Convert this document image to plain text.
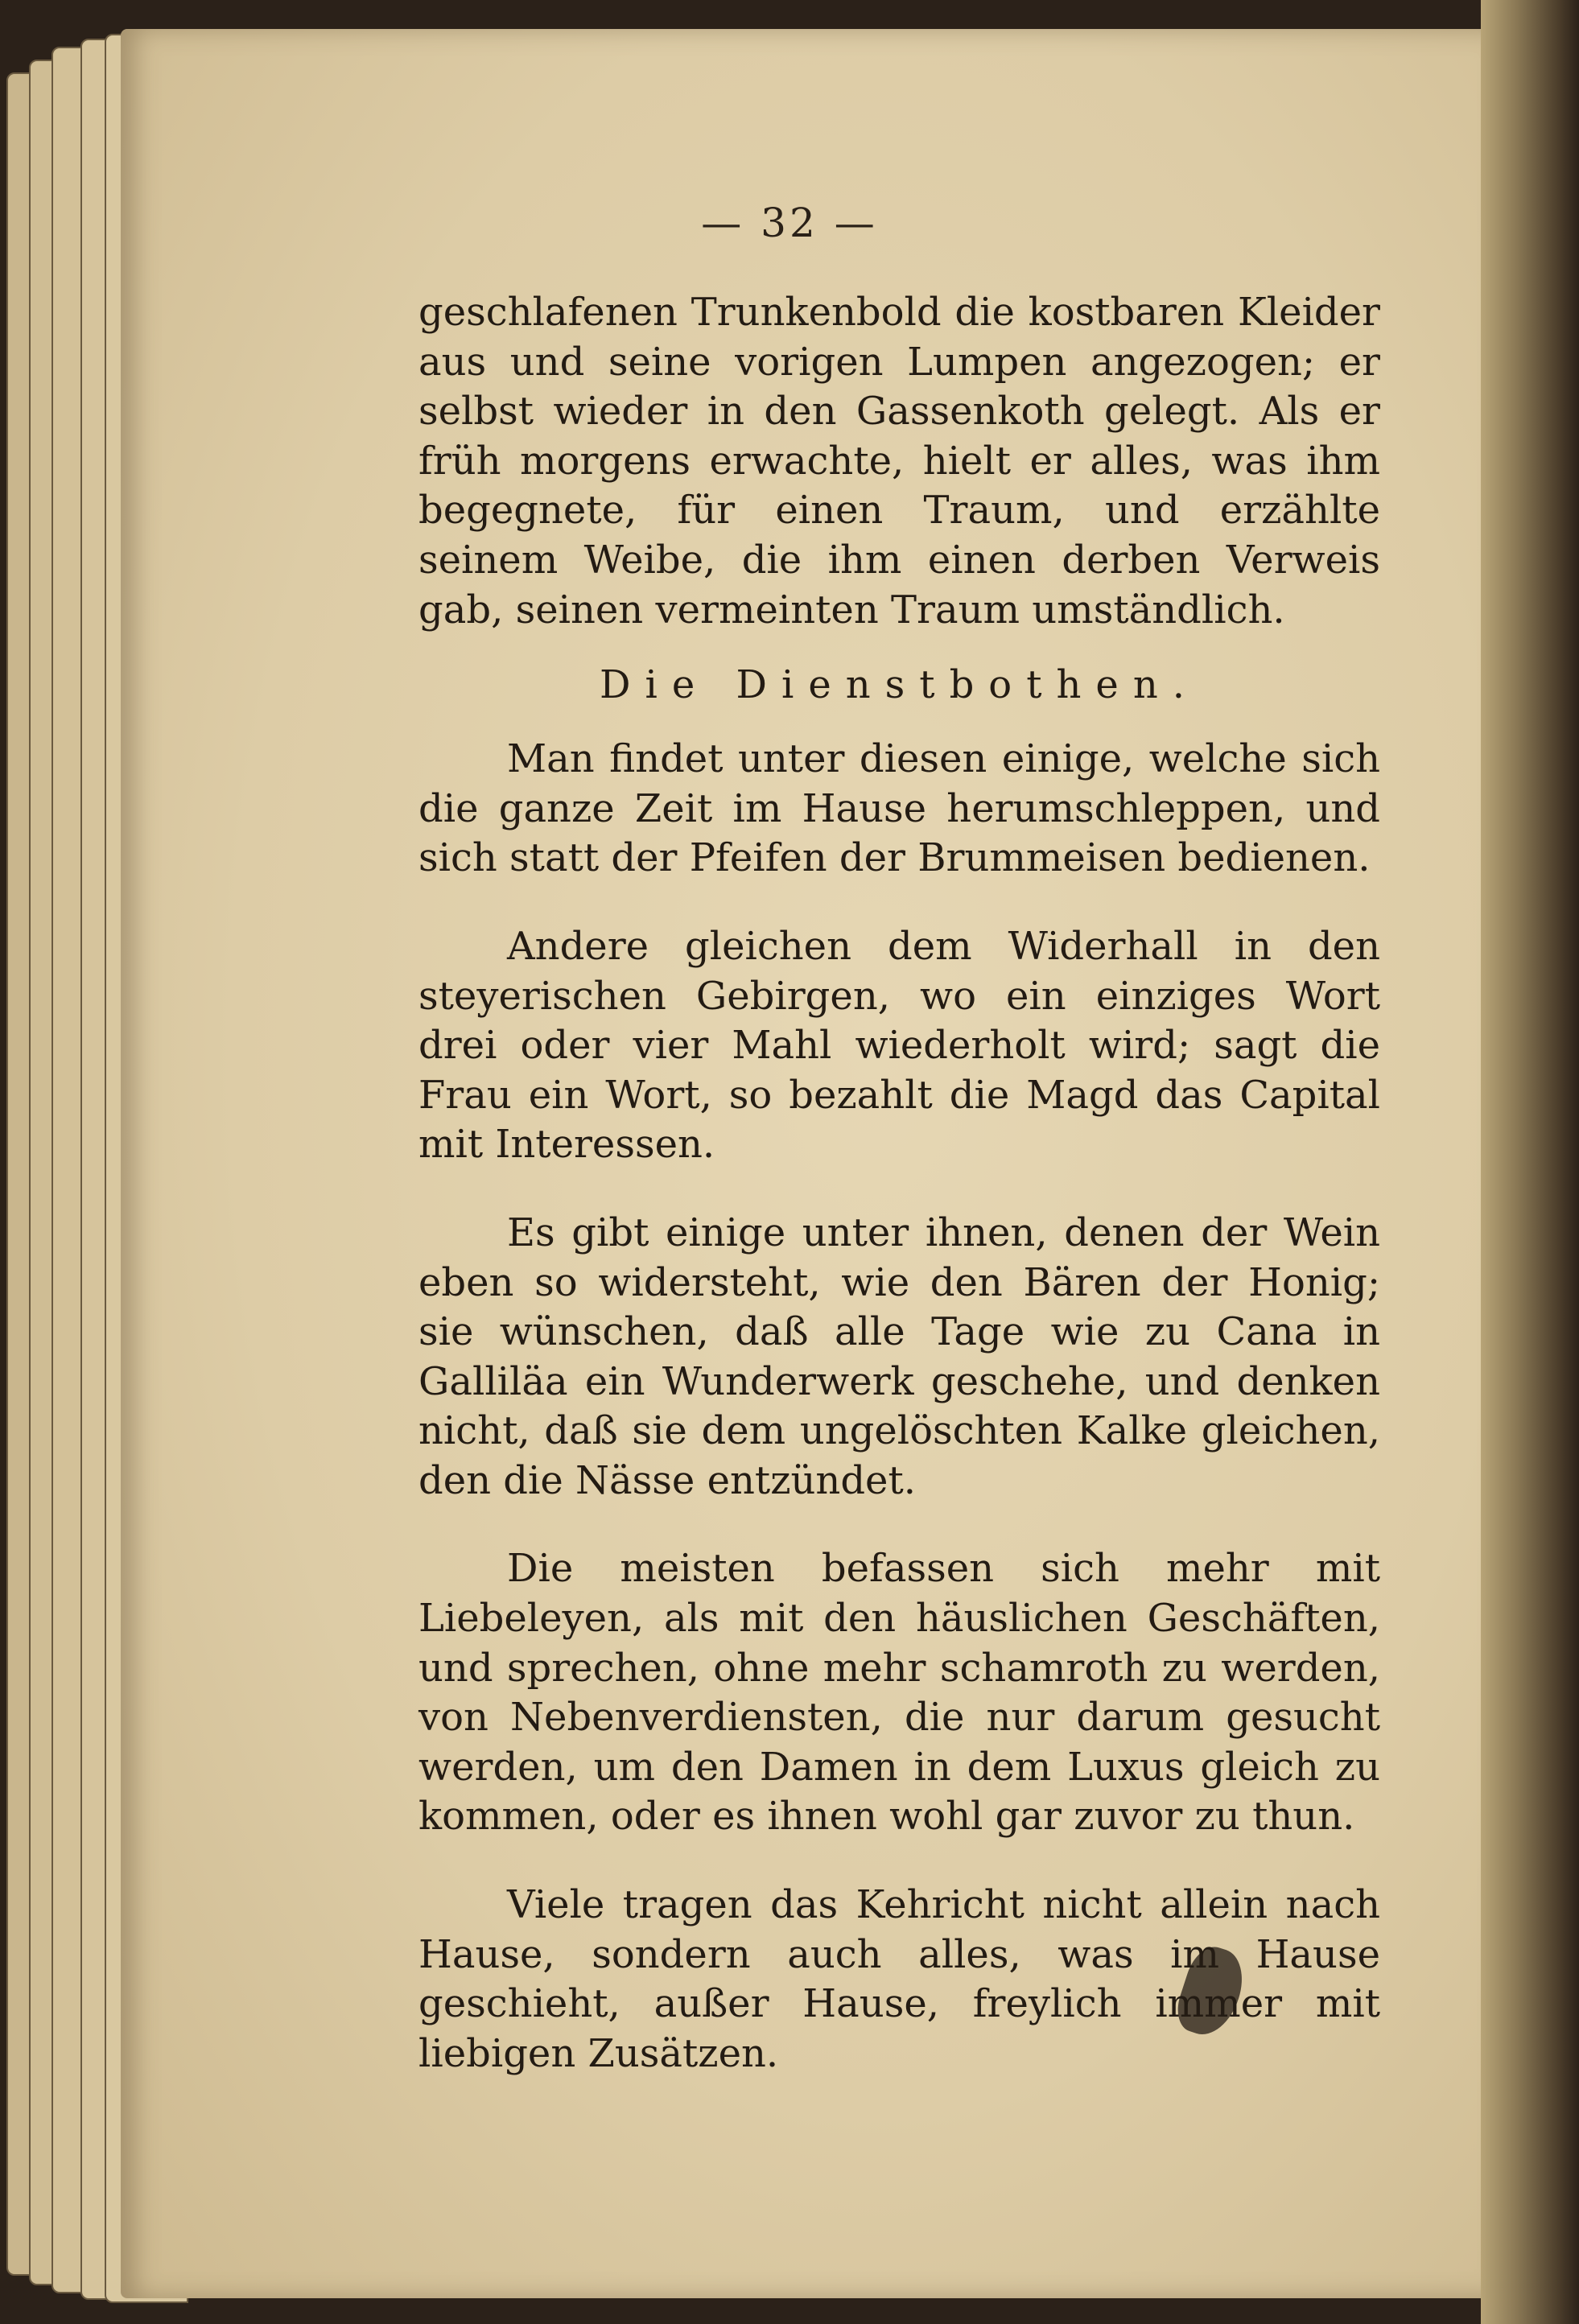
— 32 —

geschlafenen Trunkenbold die kostbaren Kleider aus und seine vorigen Lumpen angezogen; er selbst wieder in den Gassenkoth gelegt. Als er früh morgens erwachte, hielt er alles, was ihm begegnete, für einen Traum, und erzählte seinem Weibe, die ihm einen derben Verweis gab, seinen vermeinten Traum umständlich.

Die Dienstbothen.

Man findet unter diesen einige, welche sich die ganze Zeit im Hause herumschleppen, und sich statt der Pfeifen der Brummeisen bedienen.

Andere gleichen dem Widerhall in den steyerischen Gebirgen, wo ein einziges Wort drei oder vier Mahl wiederholt wird; sagt die Frau ein Wort, so bezahlt die Magd das Capital mit Interessen.

Es gibt einige unter ihnen, denen der Wein eben so widersteht, wie den Bären der Honig; sie wünschen, daß alle Tage wie zu Cana in Galliläa ein Wunderwerk geschehe, und denken nicht, daß sie dem ungelöschten Kalke gleichen, den die Nässe entzündet.

Die meisten befassen sich mehr mit Liebeleyen, als mit den häuslichen Geschäften, und sprechen, ohne mehr schamroth zu werden, von Nebenverdiensten, die nur darum gesucht werden, um den Damen in dem Luxus gleich zu kommen, oder es ihnen wohl gar zuvor zu thun.

Viele tragen das Kehricht nicht allein nach Hause, sondern auch alles, was im Hause geschieht, außer Hause, freylich immer mit liebigen Zusätzen.
